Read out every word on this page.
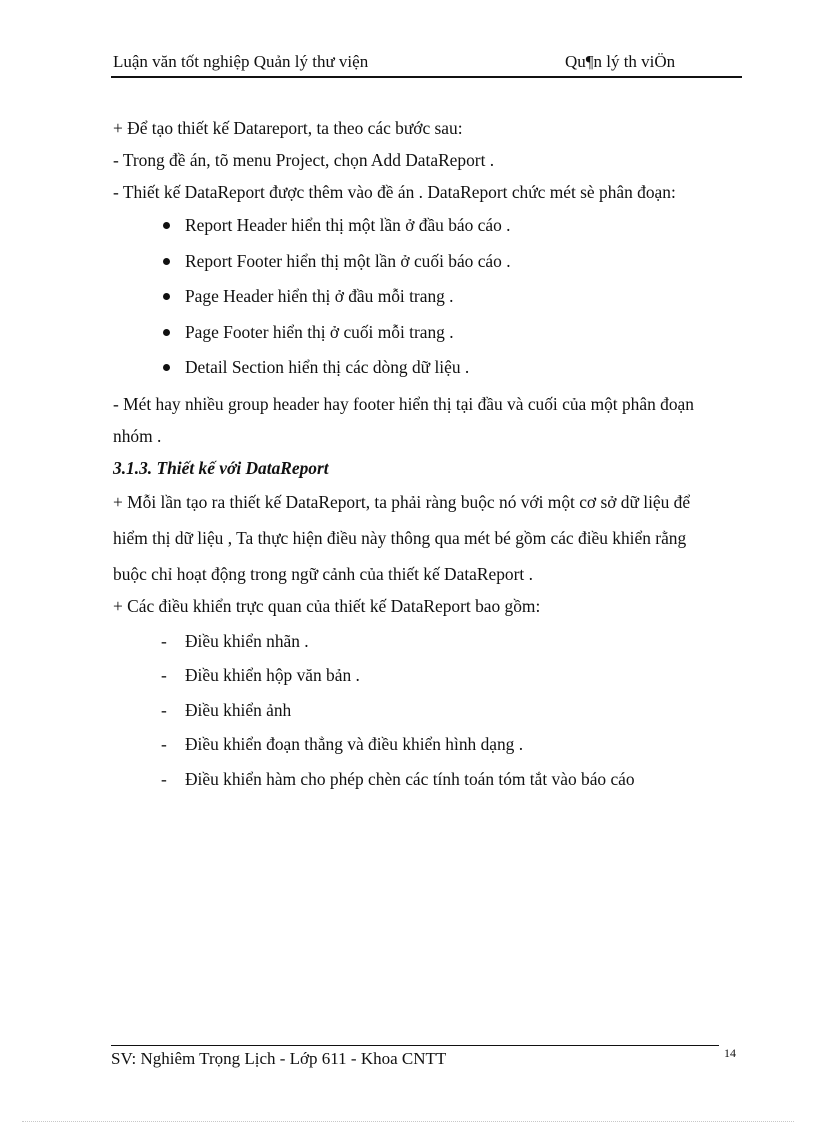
Luận văn tốt nghiệp Quản lý thư viện	Qu¶n lý th viÖn

+ Để tạo thiết kế Datareport, ta theo các bước sau:

- Trong đề án, tõ menu Project, chọn Add DataReport .

- Thiết kế DataReport được thêm vào đề án . DataReport chức mét sè phân đoạn:

Report Header hiển thị một lần ở đầu báo cáo .
Report Footer hiển thị một lần ở cuối báo cáo .
Page Header hiển thị ở đầu mỗi trang .
Page Footer hiển thị ở cuối mỗi trang .
Detail Section hiển thị các dòng dữ liệu .

- Mét hay nhiều group header hay footer hiển thị tại đầu và cuối của một phân đoạn

nhóm .

3.1.3. Thiết kế với DataReport

+ Mỗi lần tạo ra thiết kế DataReport, ta phải ràng buộc nó với một cơ sở dữ liệu để

hiểm thị dữ liệu , Ta thực hiện điều này thông qua mét bé gồm các điều khiển rằng

buộc chỉ hoạt động trong ngữ cảnh của thiết kế DataReport .

+ Các điều khiển trực quan của thiết kế DataReport bao gồm:

- Điều khiển nhãn .
- Điều khiển hộp văn bản .
- Điều khiển ảnh
- Điều khiển đoạn thẳng và điều khiển hình dạng .
- Điều khiển hàm cho phép chèn các tính toán tóm tắt vào báo cáo
SV: Nghiêm Trọng Lịch - Lớp 611 - Khoa CNTT	14
